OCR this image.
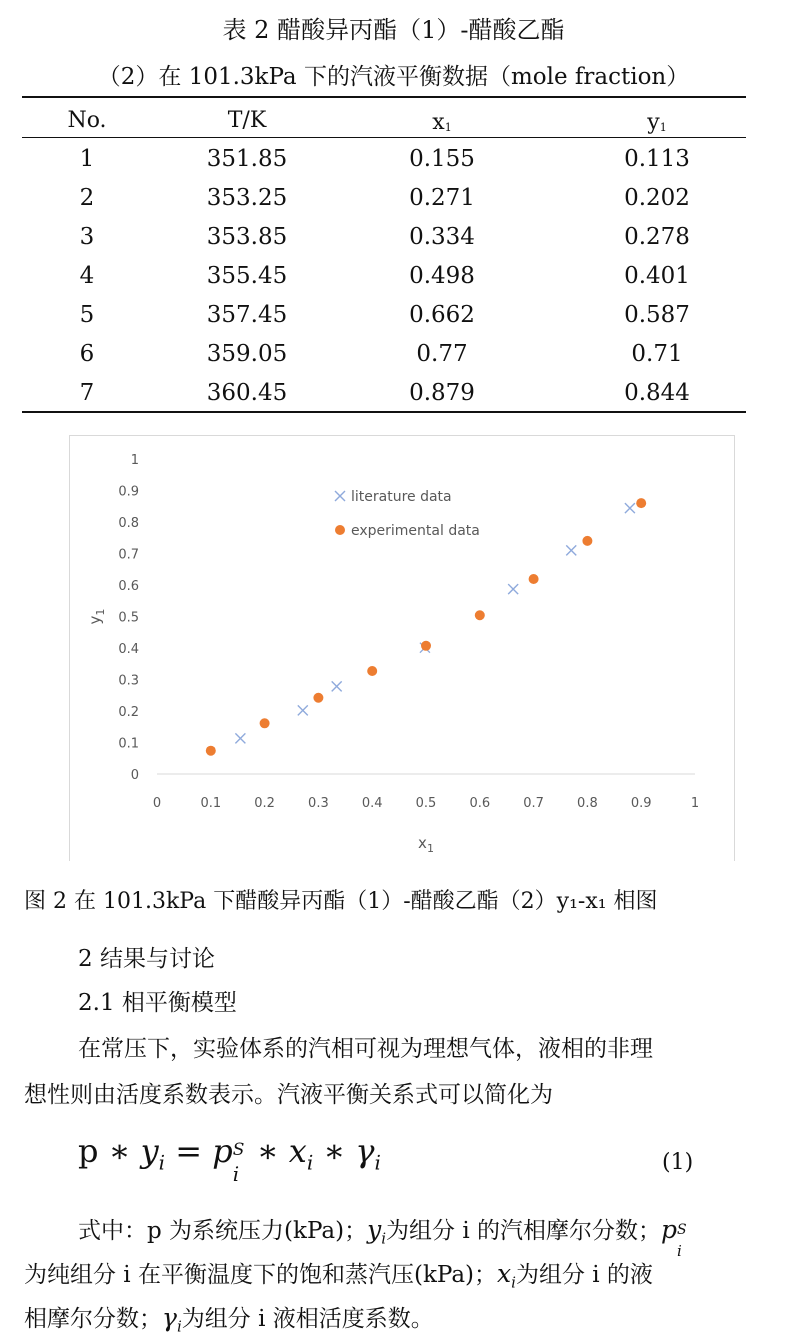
表 2 醋酸异丙酯（1）-醋酸乙酯
（2）在 101.3kPa 下的汽液平衡数据（mole fraction）
No.	T/K	x1	y1
1	351.85	0.155	0.113
2	353.25	0.271	0.202
3	353.85	0.334	0.278
4	355.45	0.498	0.401
5	357.45	0.662	0.587
6	359.05	0.77	0.71
7	360.45	0.879	0.844
0	0.1	0.2	0.3	0.4	0.5	0.6	0.7	0.8	0.9	1
0
0.1
0.2
0.3
0.4
0.5
0.6
0.7
0.8
0.9
1
$x_1$
$y_1$
literature data
experimental data
图 2 在 101.3kPa 下醋酸异丙酯（1）-醋酸乙酯（2）y₁-x₁ 相图
2 结果与讨论
2.1 相平衡模型
在常压下，实验体系的汽相可视为理想气体，液相的非理
想性则由活度系数表示。汽液平衡关系式可以简化为
p ∗ $y_i = p$ S
i
∗ $x_i$ ∗ $\gamma_i$	(1)
式中：p 为系统压力(kPa)；$y_i$为组分 i 的汽相摩尔分数；p S
i
为纯组分 i 在平衡温度下的饱和蒸汽压(kPa)；$x_i$为组分 i 的液
相摩尔分数；$\gamma_i$为组分 i 液相活度系数。
